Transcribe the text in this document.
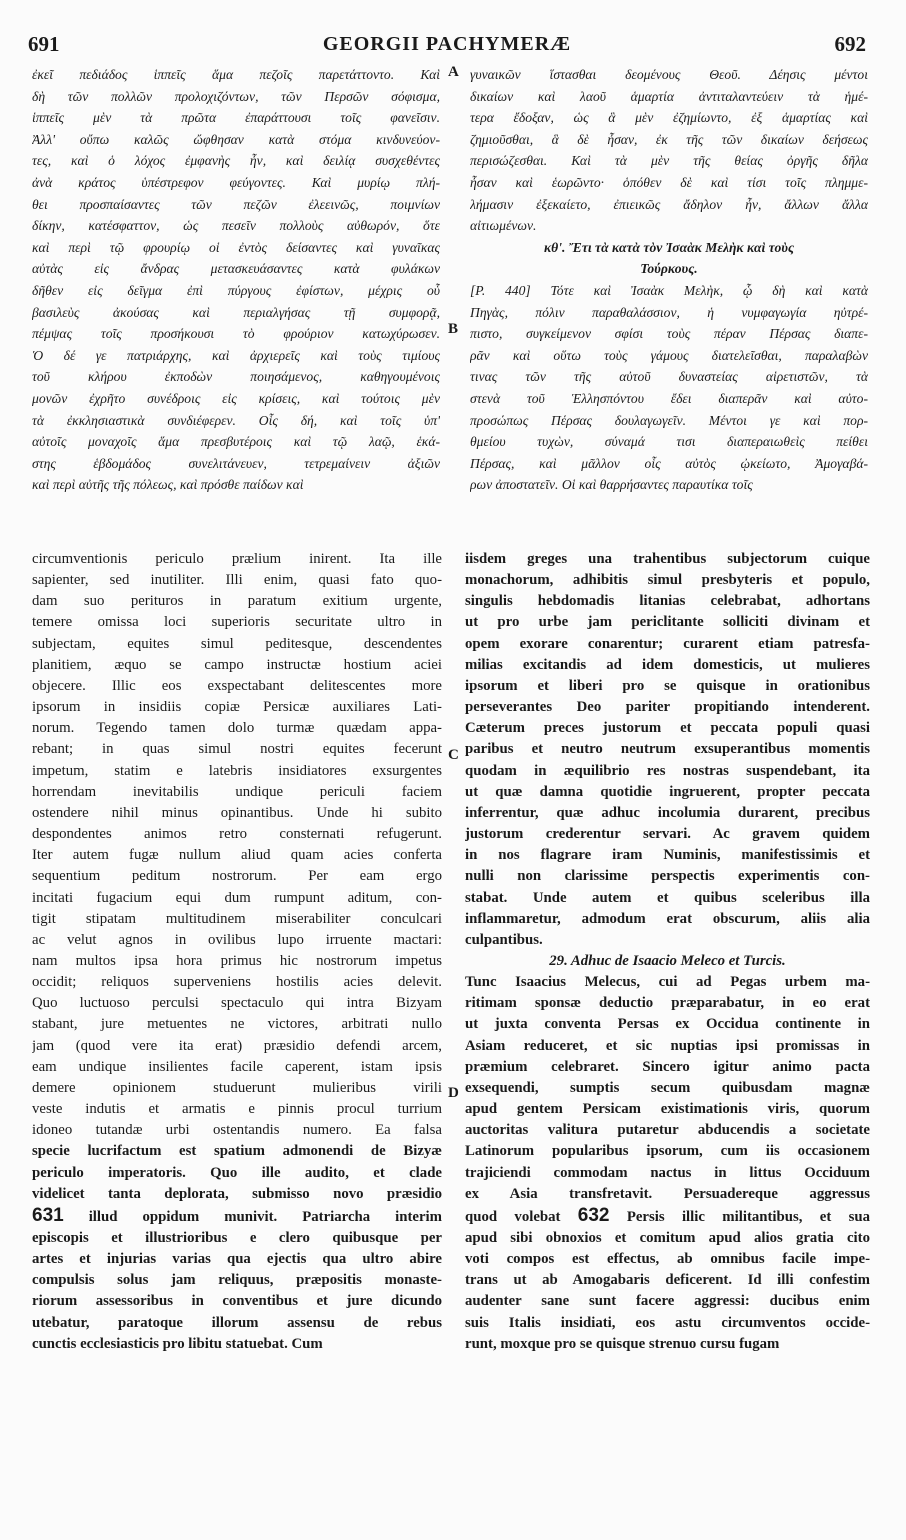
691	GEORGII PACHYMERÆ	692
A
B
C
D
ἐκεῖ πεδιάδος ἱππεῖς ἅμα πεζοῖς παρετάττοντο. Καὶ
δὴ τῶν πολλῶν προλοχιζόντων, τῶν Περσῶν σόφισμα,
ἱππεῖς μὲν τὰ πρῶτα ἐπαράττουσι τοῖς φανεῖσιν.
Ἀλλ' οὔπω καλῶς ὤφθησαν κατὰ στόμα κινδυνεύον-
τες, καὶ ὁ λόχος ἐμφανὴς ἦν, καὶ δειλίᾳ συσχεθέντες
ἀνὰ κράτος ὑπέστρεφον φεύγοντες. Καὶ μυρίῳ πλή-
θει προσπαίσαντες τῶν πεζῶν ἐλεεινῶς, ποιμνίων
δίκην, κατέσφαττον, ὡς πεσεῖν πολλοὺς αὐθωρόν, ὅτε
καὶ περὶ τῷ φρουρίῳ οἱ ἐντὸς δείσαντες καὶ γυναῖκας
αὐτὰς εἰς ἄνδρας μετασκευάσαντες κατὰ φυλάκων
δῆθεν εἰς δεῖγμα ἐπὶ πύργους ἐφίστων, μέχρις οὗ
βασιλεὺς ἀκούσας καὶ περιαλγήσας τῇ συμφορᾷ,
πέμψας τοῖς προσήκουσι τὸ φρούριον κατωχύρωσεν.
Ὁ δέ γε πατριάρχης, καὶ ἀρχιερεῖς καὶ τοὺς τιμίους
τοῦ κλήρου ἐκποδὼν ποιησάμενος, καθηγουμένοις
μονῶν ἐχρῆτο συνέδροις εἰς κρίσεις, καὶ τούτοις μὲν
τὰ ἐκκλησιαστικὰ συνδιέφερεν. Οἷς δή, καὶ τοῖς ὑπ'
αὐτοῖς μοναχοῖς ἅμα πρεσβυτέροις καὶ τῷ λαῷ, ἑκά-
στης ἑβδομάδος συνελιτάνευεν, τετρεμαίνειν ἀξιῶν
καὶ περὶ αὐτῆς τῆς πόλεως, καὶ πρόσθε παίδων καὶ
γυναικῶν ἵστασθαι δεομένους Θεοῦ. Δέησις μέντοι
δικαίων καὶ λαοῦ ἁμαρτία ἀντιταλαντεύειν τὰ ἡμέ-
τερα ἔδοξαν, ὡς ἃ μὲν ἐζημίωντο, ἐξ ἁμαρτίας καὶ
ζημιοῦσθαι, ἃ δὲ ἦσαν, ἐκ τῆς τῶν δικαίων δεήσεως
περισώζεσθαι. Καὶ τὰ μὲν τῆς θείας ὀργῆς δῆλα
ἦσαν καὶ ἑωρῶντο· ὁπόθεν δὲ καὶ τίσι τοῖς πλημμε-
λήμασιν ἐξεκαίετο, ἐπιεικῶς ἄδηλον ἦν, ἄλλων ἄλλα
αἰτιωμένων.
κθ'. Ἔτι τὰ κατὰ τὸν Ἰσαὰκ Μελὴκ καὶ τοὺς
Τούρκους.
[P. 440] Τότε καὶ Ἰσαὰκ Μελὴκ, ᾧ δὴ καὶ κατὰ
Πηγὰς, πόλιν παραθαλάσσιον, ἡ νυμφαγωγία ηὐτρέ-
πιστο, συγκείμενον σφίσι τοὺς πέραν Πέρσας διαπε-
ρᾶν καὶ οὕτω τοὺς γάμους διατελεῖσθαι, παραλαβὼν
τινας τῶν τῆς αὐτοῦ δυναστείας αἱρετιστῶν, τὰ
στενὰ τοῦ Ἑλλησπόντου ἔδει διαπερᾶν καὶ αὐτο-
προσώπως Πέρσας δουλαγωγεῖν. Μέντοι γε καὶ πορ-
θμείου τυχὼν, σύναμά τισι διαπεραιωθεὶς πείθει
Πέρσας, καὶ μᾶλλον οἷς αὐτὸς ᾠκείωτο, Ἀμογαβά-
ρων ἀποστατεῖν. Οἱ καὶ θαρρήσαντες παραυτίκα τοῖς
circumventionis periculo prælium inirent. Ita ille
sapienter, sed inutiliter. Illi enim, quasi fato quo-
dam suo perituros in paratum exitium urgente,
temere omissa loci superioris securitate ultro in
subjectam, equites simul peditesque, descendentes
planitiem, æquo se campo instructæ hostium aciei
objecere. Illic eos exspectabant delitescentes more
ipsorum in insidiis copiæ Persicæ auxiliares Lati-
norum. Tegendo tamen dolo turmæ quædam appa-
rebant; in quas simul nostri equites fecerunt
impetum, statim e latebris insidiatores exsurgentes
horrendam inevitabilis undique periculi faciem
ostendere nihil minus opinantibus. Unde hi subito
despondentes animos retro consternati refugerunt.
Iter autem fugæ nullum aliud quam acies conferta
sequentium peditum nostrorum. Per eam ergo
incitati fugacium equi dum rumpunt aditum, con-
tigit stipatam multitudinem miserabiliter conculcari
ac velut agnos in ovilibus lupo irruente mactari:
nam multos ipsa hora primus hic nostrorum impetus
occidit; reliquos superveniens hostilis acies delevit.
Quo luctuoso perculsi spectaculo qui intra Bizyam
stabant, jure metuentes ne victores, arbitrati nullo
jam (quod vere ita erat) præsidio defendi arcem,
eam undique insilientes facile caperent, istam ipsis
demere opinionem studuerunt mulieribus virili
veste indutis et armatis e pinnis procul turrium
idoneo tutandæ urbi ostentandis numero. Ea falsa
specie lucrifactum est spatium admonendi de Bizyæ
periculo imperatoris. Quo ille audito, et clade
videlicet tanta deplorata, submisso novo præsidio
631 illud oppidum munivit. Patriarcha interim
episcopis et illustrioribus e clero quibusque per
artes et injurias varias qua ejectis qua ultro abire
compulsis solus jam reliquus, præpositis monaste-
riorum assessoribus in conventibus et jure dicundo
utebatur, paratoque illorum assensu de rebus
cunctis ecclesiasticis pro libitu statuebat. Cum
iisdem greges una trahentibus subjectorum cuique
monachorum, adhibitis simul presbyteris et populo,
singulis hebdomadis litanias celebrabat, adhortans
ut pro urbe jam periclitante solliciti divinam et
opem exorare conarentur; curarent etiam patresfa-
milias excitandis ad idem domesticis, ut mulieres
ipsorum et liberi pro se quisque in orationibus
perseverantes Deo pariter propitiando intenderent.
Cæterum preces justorum et peccata populi quasi
paribus et neutro neutrum exsuperantibus momentis
quodam in æquilibrio res nostras suspendebant, ita
ut quæ damna quotidie ingruerent, propter peccata
inferrentur, quæ adhuc incolumia durarent, precibus
justorum crederentur servari. Ac gravem quidem
in nos flagrare iram Numinis, manifestissimis et
nulli non clarissime perspectis experimentis con-
stabat. Unde autem et quibus sceleribus illa
inflammaretur, admodum erat obscurum, aliis alia
culpantibus.
29. Adhuc de Isaacio Meleco et Turcis.
Tunc Isaacius Melecus, cui ad Pegas urbem ma-
ritimam sponsæ deductio præparabatur, in eo erat
ut juxta conventa Persas ex Occidua continente in
Asiam reduceret, et sic nuptias ipsi promissas in
præmium celebraret. Sincero igitur animo pacta
exsequendi, sumptis secum quibusdam magnæ
apud gentem Persicam existimationis viris, quorum
auctoritas valitura putaretur abducendis a societate
Latinorum popularibus ipsorum, cum iis occasionem
trajiciendi commodam nactus in littus Occiduum
ex Asia transfretavit. Persuadereque aggressus
quod volebat 632 Persis illic militantibus, et sua
apud sibi obnoxios et comitum apud alios gratia cito
voti compos est effectus, ab omnibus facile impe-
trans ut ab Amogabaris deficerent. Id illi confestim
audenter sane sunt facere aggressi: ducibus enim
suis Italis insidiati, eos astu circumventos occide-
runt, moxque pro se quisque strenuo cursu fugam
